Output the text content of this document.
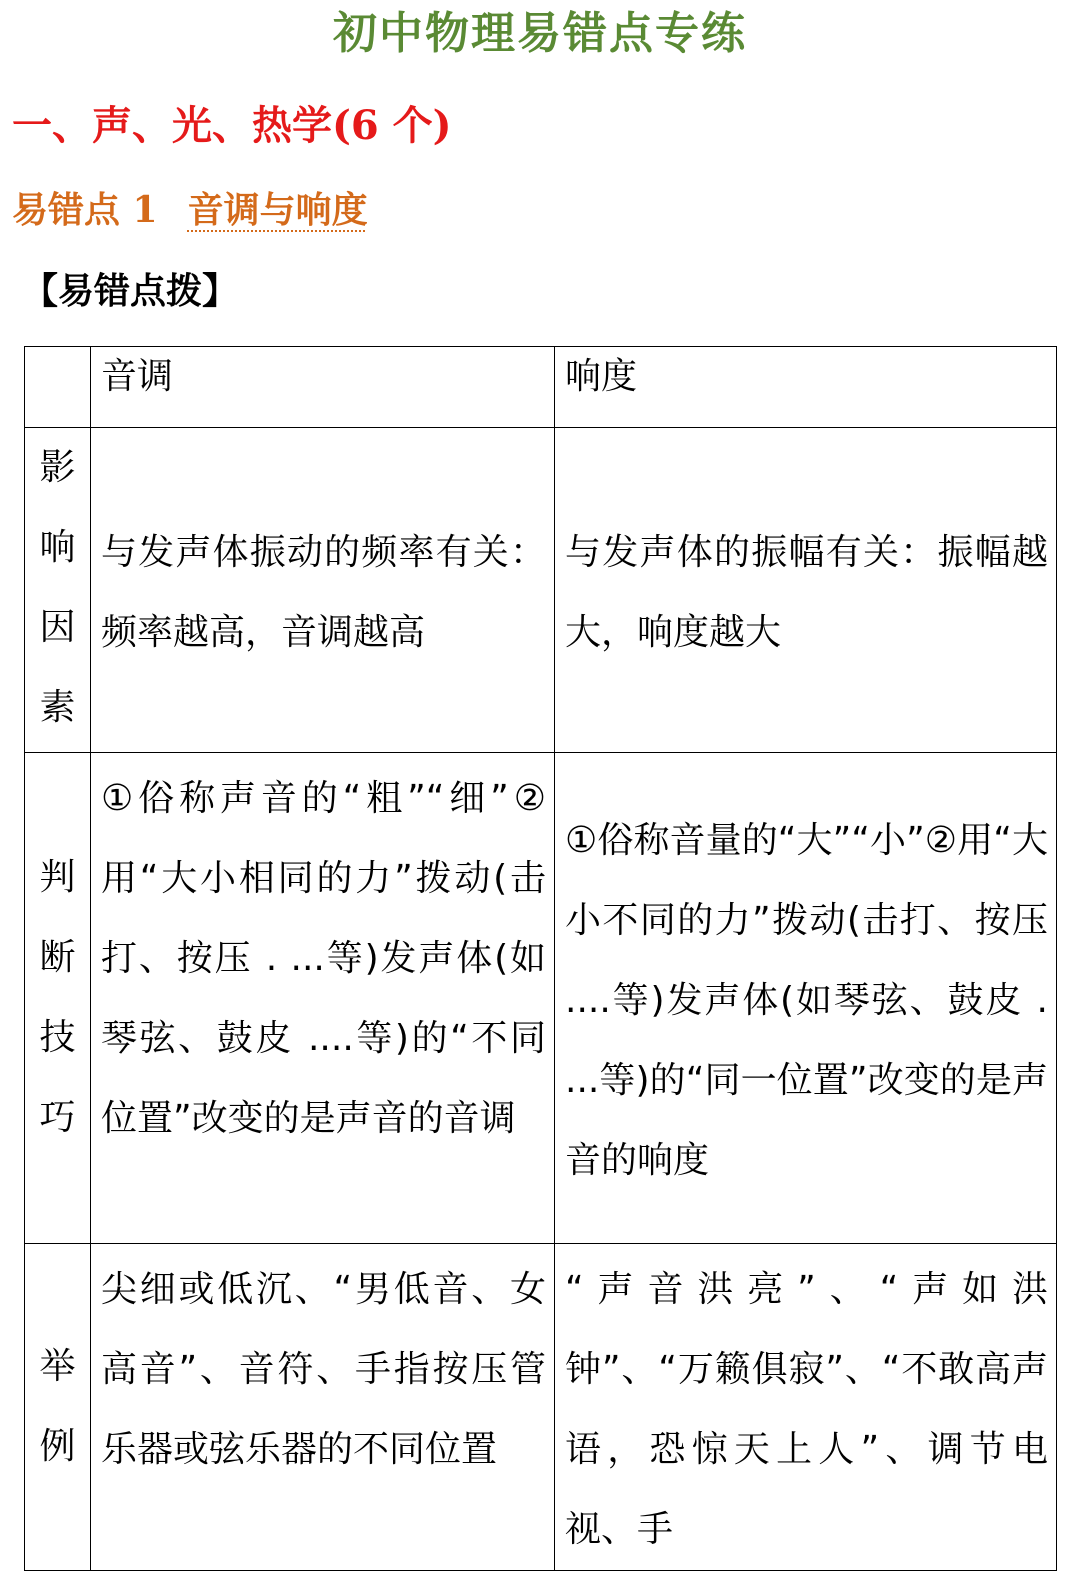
初中物理易错点专练
一、声、光、热学(6 个)
易错点 1 音调与响度
【易错点拨】

	音调	响度

影
响
因
素	与发声体振动的频率有关：频率越高，音调越高	与发声体的振幅有关：振幅越大，响度越大

判
断
技
巧	①俗称声音的“粗”“细”②用“大小相同的力”拨动(击打、按压 . ...等)发声体(如琴弦、鼓皮 ....等)的“不同位置”改变的是声音的音调	①俗称音量的“大”“小”②用“大小不同的力”拨动(击打、按压 ....等)发声体(如琴弦、鼓皮 . ...等)的“同一位置”改变的是声音的响度

举
例	尖细或低沉、“男低音、女高音”、音符、手指按压管乐器或弦乐器的不同位置	“声音洪亮”、“声如洪钟”、“万籁俱寂”、“不敢高声语，恐惊天上人”、调节电视、手
